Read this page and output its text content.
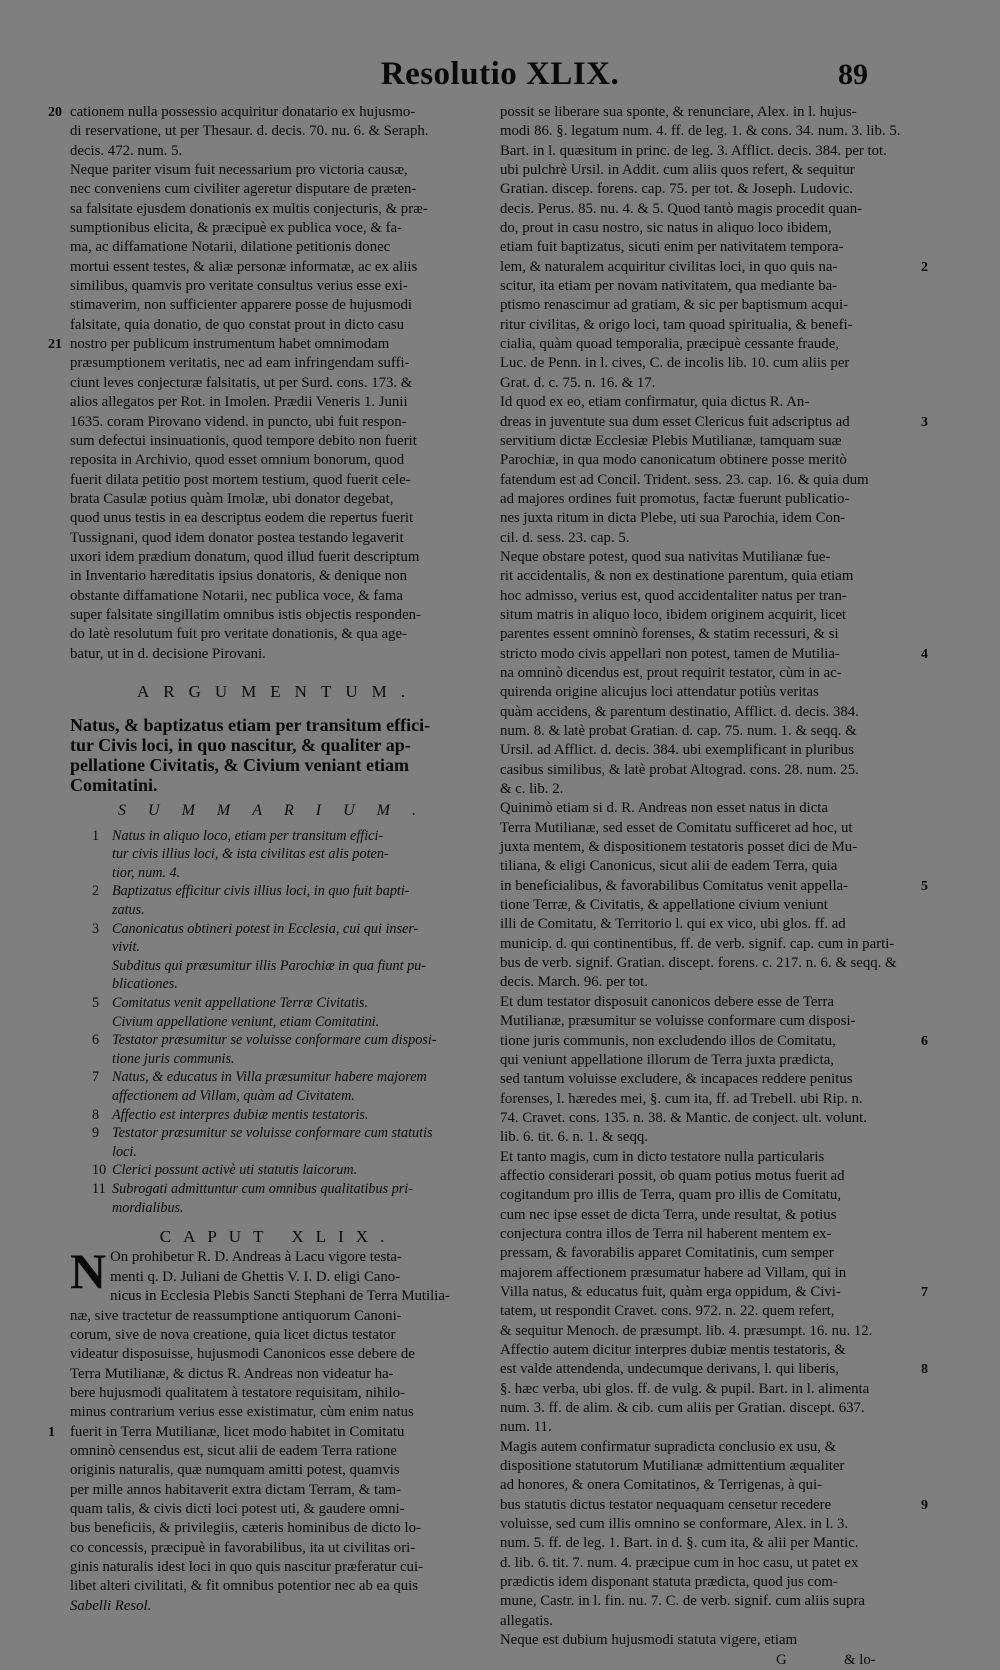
Resolutio XLIX.	89
20 cationem nulla possessio acquiritur donatario ex hujusmo-
di reservatione, ut per Thesaur. d. decis. 70. nu. 6. & Seraph.
decis. 472. num. 5.
Neque pariter visum fuit necessarium pro victoria causæ,
nec conveniens cum civiliter ageretur disputare de præten-
sa falsitate ejusdem donationis ex multis conjecturis, & præ-
sumptionibus elicita, & præcipuè ex publica voce, & fa-
ma, ac diffamatione Notarii, dilatione petitionis donec
mortui essent testes, & aliæ personæ informatæ, ac ex aliis
similibus, quamvis pro veritate consultus verius esse exi-
stimaverim, non sufficienter apparere posse de hujusmodi
falsitate, quia donatio, de quo constat prout in dicto casu
21 nostro per publicum instrumentum habet omnimodam
præsumptionem veritatis, nec ad eam infringendam suffi-
ciunt leves conjecturæ falsitatis, ut per Surd. cons. 173. &
alios allegatos per Rot. in Imolen. Prædii Veneris 1. Junii
1635. coram Pirovano vidend. in puncto, ubi fuit respon-
sum defectui insinuationis, quod tempore debito non fuerit
reposita in Archivio, quod esset omnium bonorum, quod
fuerit dilata petitio post mortem testium, quod fuerit cele-
brata Casulæ potius quàm Imolæ, ubi donator degebat,
quod unus testis in ea descriptus eodem die repertus fuerit
Tussignani, quod idem donator postea testando legaverit
uxori idem prædium donatum, quod illud fuerit descriptum
in Inventario hæreditatis ipsius donatoris, & denique non
obstante diffamatione Notarii, nec publica voce, & fama
super falsitate singillatim omnibus istis objectis responden-
do latè resolutum fuit pro veritate donationis, & qua age-
batur, ut in d. decisione Pirovani.
ARGUMENTUM.
Natus, & baptizatus etiam per transitum effici-
tur Civis loci, in quo nascitur, & qualiter ap-
pellatione Civitatis, & Civium veniant etiam
Comitatini.
SUMMARIUM.
1 Natus in aliquo loco, etiam per transitum effici-
tur civis illius loci, & ista civilitas est alis poten-
tior, num. 4.
2 Baptizatus efficitur civis illius loci, in quo fuit bapti-
zatus.
3 Canonicatus obtineri potest in Ecclesia, cui qui inser-
vivit.
Subditus qui præsumitur illis Parochiæ in qua fiunt pu-
blicationes.
5 Comitatus venit appellatione Terræ Civitatis.
Civium appellatione veniunt, etiam Comitatini.
6 Testator præsumitur se voluisse conformare cum disposi-
tione juris communis.
7 Natus, & educatus in Villa præsumitur habere majorem
affectionem ad Villam, quàm ad Civitatem.
8 Affectio est interpres dubiæ mentis testatoris.
9 Testator præsumitur se voluisse conformare cum statutis
loci.
10 Clerici possunt activè uti statutis laicorum.
11 Subrogati admittuntur cum omnibus qualitatibus pri-
mordialibus.
CAPUT XLIX.
N On prohibetur R. D. Andreas à Lacu vigore testa-
menti q. D. Juliani de Ghettis V. I. D. eligi Cano-
nicus in Ecclesia Plebis Sancti Stephani de Terra Mutilia-
næ, sive tractetur de reassumptione antiquorum Canoni-
corum, sive de nova creatione, quia licet dictus testator
videatur disposuisse, hujusmodi Canonicos esse debere de
Terra Mutilianæ, & dictus R. Andreas non videatur ha-
bere hujusmodi qualitatem à testatore requisitam, nihilo-
minus contrarium verius esse existimatur, cùm enim natus
1 fuerit in Terra Mutilianæ, licet modo habitet in Comitatu
omninò censendus est, sicut alii de eadem Terra ratione
originis naturalis, quæ numquam amitti potest, quamvis
per mille annos habitaverit extra dictam Terram, & tam-
quam talis, & civis dicti loci potest uti, & gaudere omni-
bus beneficiis, & privilegiis, cæteris hominibus de dicto lo-
co concessis, præcipuè in favorabilibus, ita ut civilitas ori-
ginis naturalis idest loci in quo quis nascitur præferatur cui-
libet alteri civilitati, & fit omnibus potentior nec ab ea quis
Sabelli Resol.
possit se liberare sua sponte, & renunciare, Alex. in l. hujus-
modi 86. §. legatum num. 4. ff. de leg. 1. & cons. 34. num. 3. lib. 5.
Bart. in l. quæsitum in princ. de leg. 3. Afflict. decis. 384. per tot.
ubi pulchrè Ursil. in Addit. cum aliis quos refert, & sequitur
Gratian. discep. forens. cap. 75. per tot. & Joseph. Ludovic.
decis. Perus. 85. nu. 4. & 5. Quod tantò magis procedit quan-
do, prout in casu nostro, sic natus in aliquo loco ibidem,
etiam fuit baptizatus, sicuti enim per nativitatem tempora-
2
lem, & naturalem acquiritur civilitas loci, in quo quis na-
scitur, ita etiam per novam nativitatem, qua mediante ba-
ptismo renascimur ad gratiam, & sic per baptismum acqui-
ritur civilitas, & origo loci, tam quoad spiritualia, & benefi-
cialia, quàm quoad temporalia, præcipuè cessante fraude,
Luc. de Penn. in l. cives, C. de incolis lib. 10. cum aliis per
Grat. d. c. 75. n. 16. & 17.
Id quod ex eo, etiam confirmatur, quia dictus R. An-
3
dreas in juventute sua dum esset Clericus fuit adscriptus ad
servitium dictæ Ecclesiæ Plebis Mutilianæ, tamquam suæ
Parochiæ, in qua modo canonicatum obtinere posse meritò
fatendum est ad Concil. Trident. sess. 23. cap. 16. & quia dum
ad majores ordines fuit promotus, factæ fuerunt publicatio-
nes juxta ritum in dicta Plebe, uti sua Parochia, idem Con-
cil. d. sess. 23. cap. 5.
Neque obstare potest, quod sua nativitas Mutilianæ fue-
rit accidentalis, & non ex destinatione parentum, quia etiam
hoc admisso, verius est, quod accidentaliter natus per tran-
situm matris in aliquo loco, ibidem originem acquirit, licet
parentes essent omninò forenses, & statim recessuri, & si
4
stricto modo civis appellari non potest, tamen de Mutilia-
na omninò dicendus est, prout requirit testator, cùm in ac-
quirenda origine alicujus loci attendatur potiùs veritas
quàm accidens, & parentum destinatio, Afflict. d. decis. 384.
num. 8. & latè probat Gratian. d. cap. 75. num. 1. & seqq. &
Ursil. ad Afflict. d. decis. 384. ubi exemplificant in pluribus
casibus similibus, & latè probat Altograd. cons. 28. num. 25.
& c. lib. 2.
Quinimò etiam si d. R. Andreas non esset natus in dicta
Terra Mutilianæ, sed esset de Comitatu sufficeret ad hoc, ut
juxta mentem, & dispositionem testatoris posset dici de Mu-
tiliana, & eligi Canonicus, sicut alii de eadem Terra, quia
5
in beneficialibus, & favorabilibus Comitatus venit appella-
tione Terræ, & Civitatis, & appellatione civium veniunt
illi de Comitatu, & Territorio l. qui ex vico, ubi glos. ff. ad
municip. d. qui continentibus, ff. de verb. signif. cap. cum in parti-
bus de verb. signif. Gratian. discept. forens. c. 217. n. 6. & seqq. &
decis. March. 96. per tot.
Et dum testator disposuit canonicos debere esse de Terra
Mutilianæ, præsumitur se voluisse conformare cum disposi-
6
tione juris communis, non excludendo illos de Comitatu,
qui veniunt appellatione illorum de Terra juxta prædicta,
sed tantum voluisse excludere, & incapaces reddere penitus
forenses, l. hæredes mei, §. cum ita, ff. ad Trebell. ubi Rip. n.
74. Cravet. cons. 135. n. 38. & Mantic. de conject. ult. volunt.
lib. 6. tit. 6. n. 1. & seqq.
Et tanto magis, cum in dicto testatore nulla particularis
affectio considerari possit, ob quam potius motus fuerit ad
cogitandum pro illis de Terra, quam pro illis de Comitatu,
cum nec ipse esset de dicta Terra, unde resultat, & potius
conjectura contra illos de Terra nil haberent mentem ex-
pressam, & favorabilis apparet Comitatinis, cum semper
majorem affectionem præsumatur habere ad Villam, qui in
7
Villa natus, & educatus fuit, quàm erga oppidum, & Civi-
tatem, ut respondit Cravet. cons. 972. n. 22. quem refert,
& sequitur Menoch. de præsumpt. lib. 4. præsumpt. 16. nu. 12.
Affectio autem dicitur interpres dubiæ mentis testatoris, &
8
est valde attendenda, undecumque derivans, l. qui liberis,
§. hæc verba, ubi glos. ff. de vulg. & pupil. Bart. in l. alimenta
num. 3. ff. de alim. & cib. cum aliis per Gratian. discept. 637.
num. 11.
Magis autem confirmatur supradicta conclusio ex usu, &
dispositione statutorum Mutilianæ admittentium æqualiter
ad honores, & onera Comitatinos, & Terrigenas, à qui-
9
bus statutis dictus testator nequaquam censetur recedere
voluisse, sed cum illis omnino se conformare, Alex. in l. 3.
num. 5. ff. de leg. 1. Bart. in d. §. cum ita, & alii per Mantic.
d. lib. 6. tit. 7. num. 4. præcipue cum in hoc casu, ut patet ex
prædictis idem disponant statuta prædicta, quod jus com-
mune, Castr. in l. fin. nu. 7. C. de verb. signif. cum aliis supra
allegatis.
Neque est dubium hujusmodi statuta vigere, etiam
G	& lo-
